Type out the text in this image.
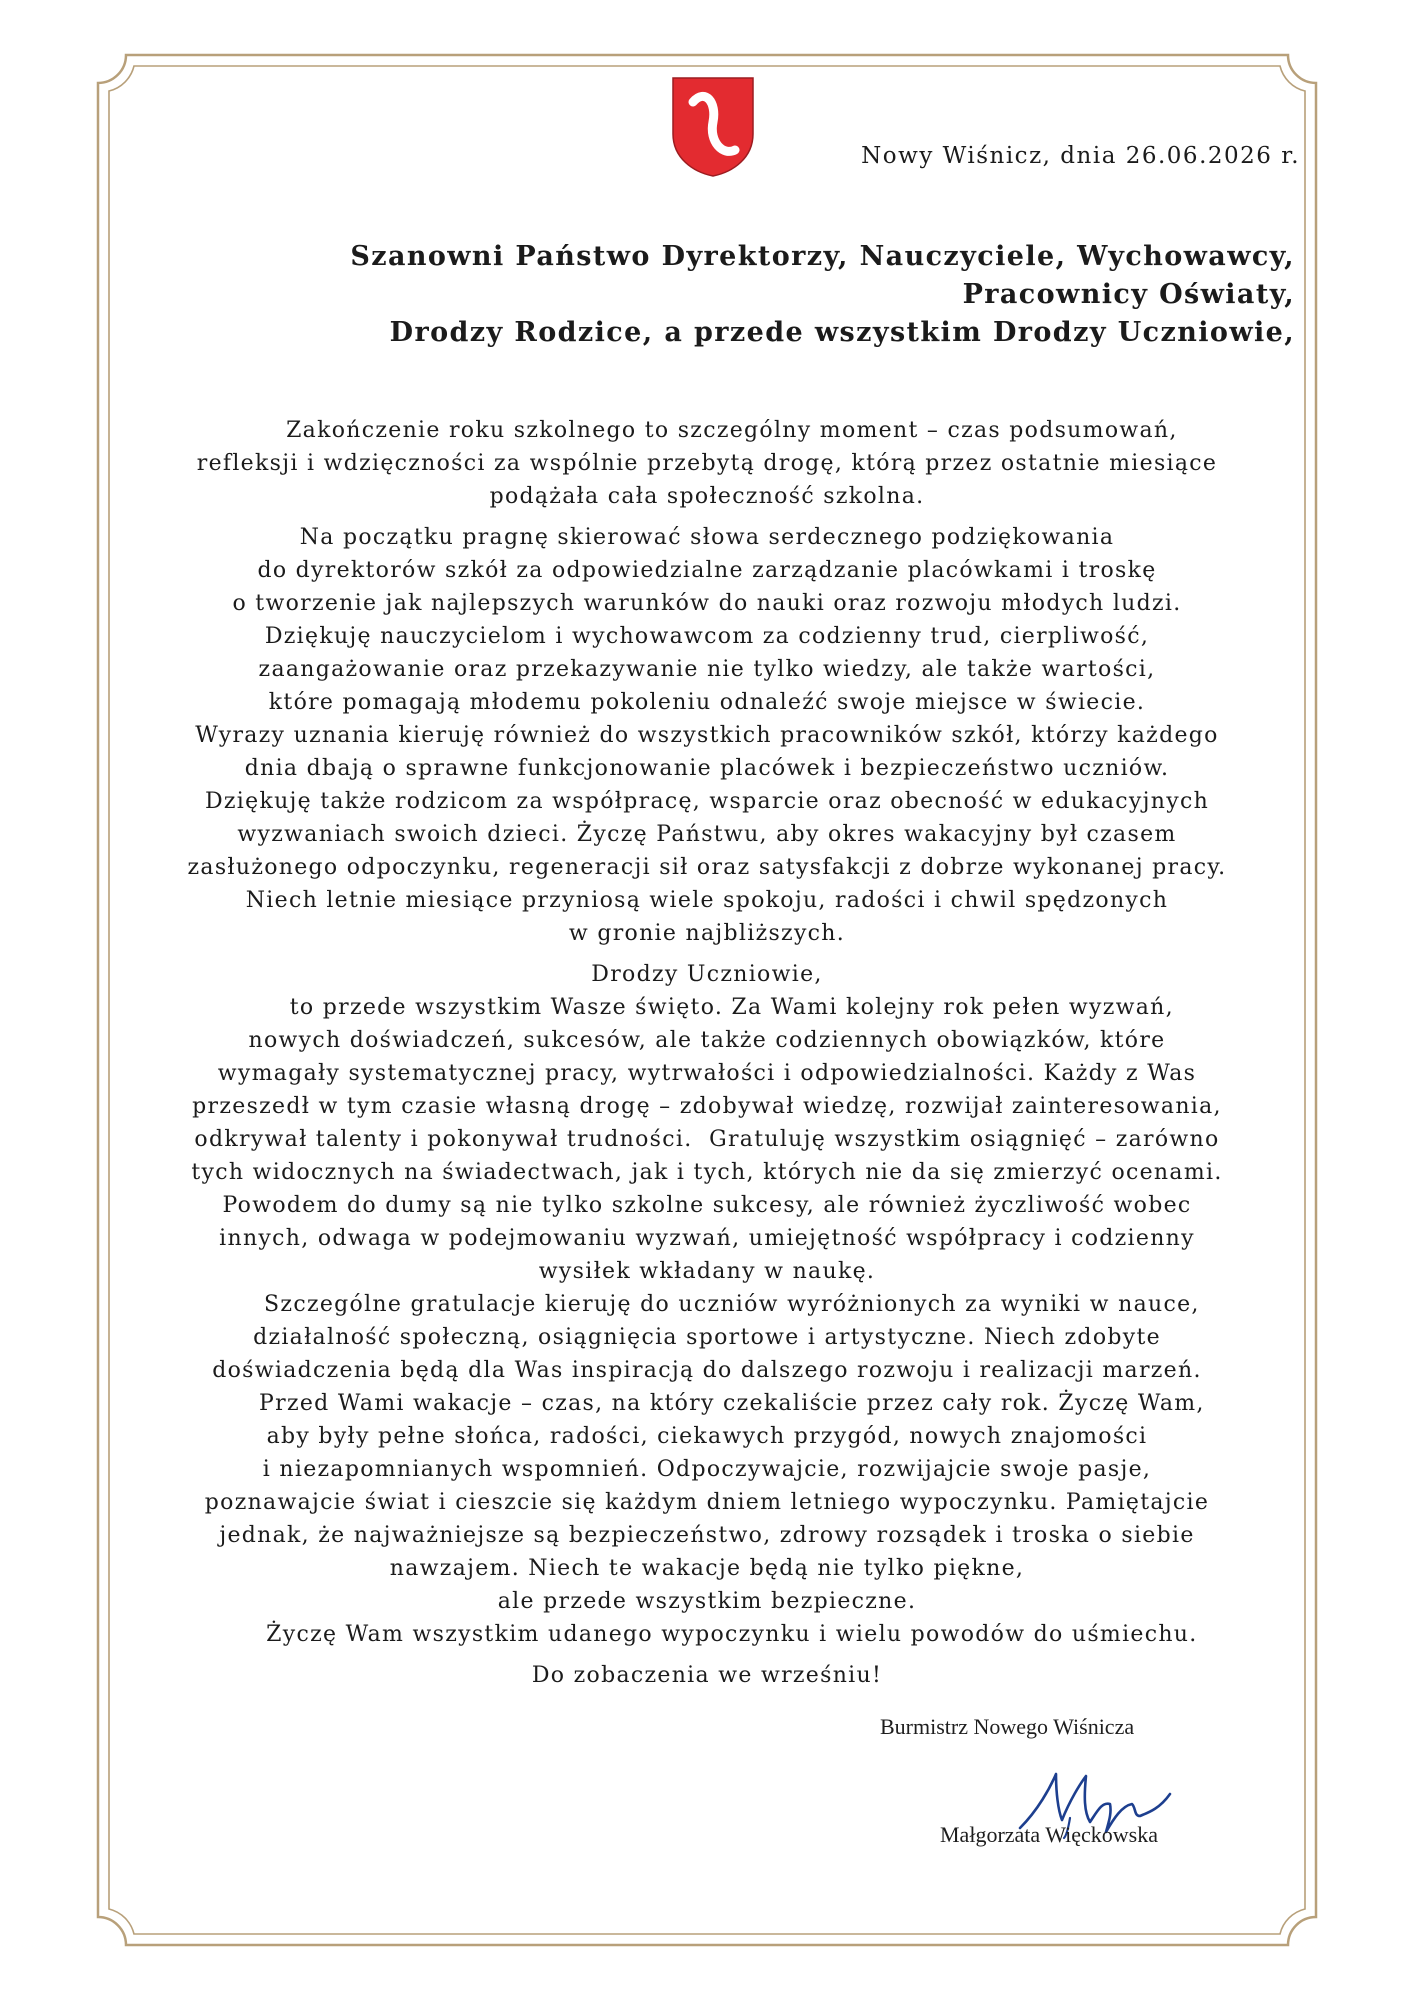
Nowy Wiśnicz, dnia 26.06.2026 r.
Szanowni Państwo Dyrektorzy, Nauczyciele, Wychowawcy,
Pracownicy Oświaty,
Drodzy Rodzice, a przede wszystkim Drodzy Uczniowie,
Zakończenie roku szkolnego to szczególny moment – czas podsumowań,
refleksji i wdzięczności za wspólnie przebytą drogę, którą przez ostatnie miesiące
podążała cała społeczność szkolna.
Na początku pragnę skierować słowa serdecznego podziękowania
do dyrektorów szkół za odpowiedzialne zarządzanie placówkami i troskę
o tworzenie jak najlepszych warunków do nauki oraz rozwoju młodych ludzi.
Dziękuję nauczycielom i wychowawcom za codzienny trud, cierpliwość,
zaangażowanie oraz przekazywanie nie tylko wiedzy, ale także wartości,
które pomagają młodemu pokoleniu odnaleźć swoje miejsce w świecie.
Wyrazy uznania kieruję również do wszystkich pracowników szkół, którzy każdego
dnia dbają o sprawne funkcjonowanie placówek i bezpieczeństwo uczniów.
Dziękuję także rodzicom za współpracę, wsparcie oraz obecność w edukacyjnych
wyzwaniach swoich dzieci. Życzę Państwu, aby okres wakacyjny był czasem
zasłużonego odpoczynku, regeneracji sił oraz satysfakcji z dobrze wykonanej pracy.
Niech letnie miesiące przyniosą wiele spokoju, radości i chwil spędzonych
w gronie najbliższych.
Drodzy Uczniowie,
to przede wszystkim Wasze święto. Za Wami kolejny rok pełen wyzwań,
nowych doświadczeń, sukcesów, ale także codziennych obowiązków, które
wymagały systematycznej pracy, wytrwałości i odpowiedzialności. Każdy z Was
przeszedł w tym czasie własną drogę – zdobywał wiedzę, rozwijał zainteresowania,
odkrywał talenty i pokonywał trudności.  Gratuluję wszystkim osiągnięć – zarówno
tych widocznych na świadectwach, jak i tych, których nie da się zmierzyć ocenami.
Powodem do dumy są nie tylko szkolne sukcesy, ale również życzliwość wobec
innych, odwaga w podejmowaniu wyzwań, umiejętność współpracy i codzienny
wysiłek wkładany w naukę.
Szczególne gratulacje kieruję do uczniów wyróżnionych za wyniki w nauce,
działalność społeczną, osiągnięcia sportowe i artystyczne. Niech zdobyte
doświadczenia będą dla Was inspiracją do dalszego rozwoju i realizacji marzeń.
Przed Wami wakacje – czas, na który czekaliście przez cały rok. Życzę Wam,
aby były pełne słońca, radości, ciekawych przygód, nowych znajomości
i niezapomnianych wspomnień. Odpoczywajcie, rozwijajcie swoje pasje,
poznawajcie świat i cieszcie się każdym dniem letniego wypoczynku. Pamiętajcie
jednak, że najważniejsze są bezpieczeństwo, zdrowy rozsądek i troska o siebie
nawzajem. Niech te wakacje będą nie tylko piękne,
ale przede wszystkim bezpieczne.
Życzę Wam wszystkim udanego wypoczynku i wielu powodów do uśmiechu.
Do zobaczenia we wrześniu!
Burmistrz Nowego Wiśnicza
Małgorzata Więckowska
